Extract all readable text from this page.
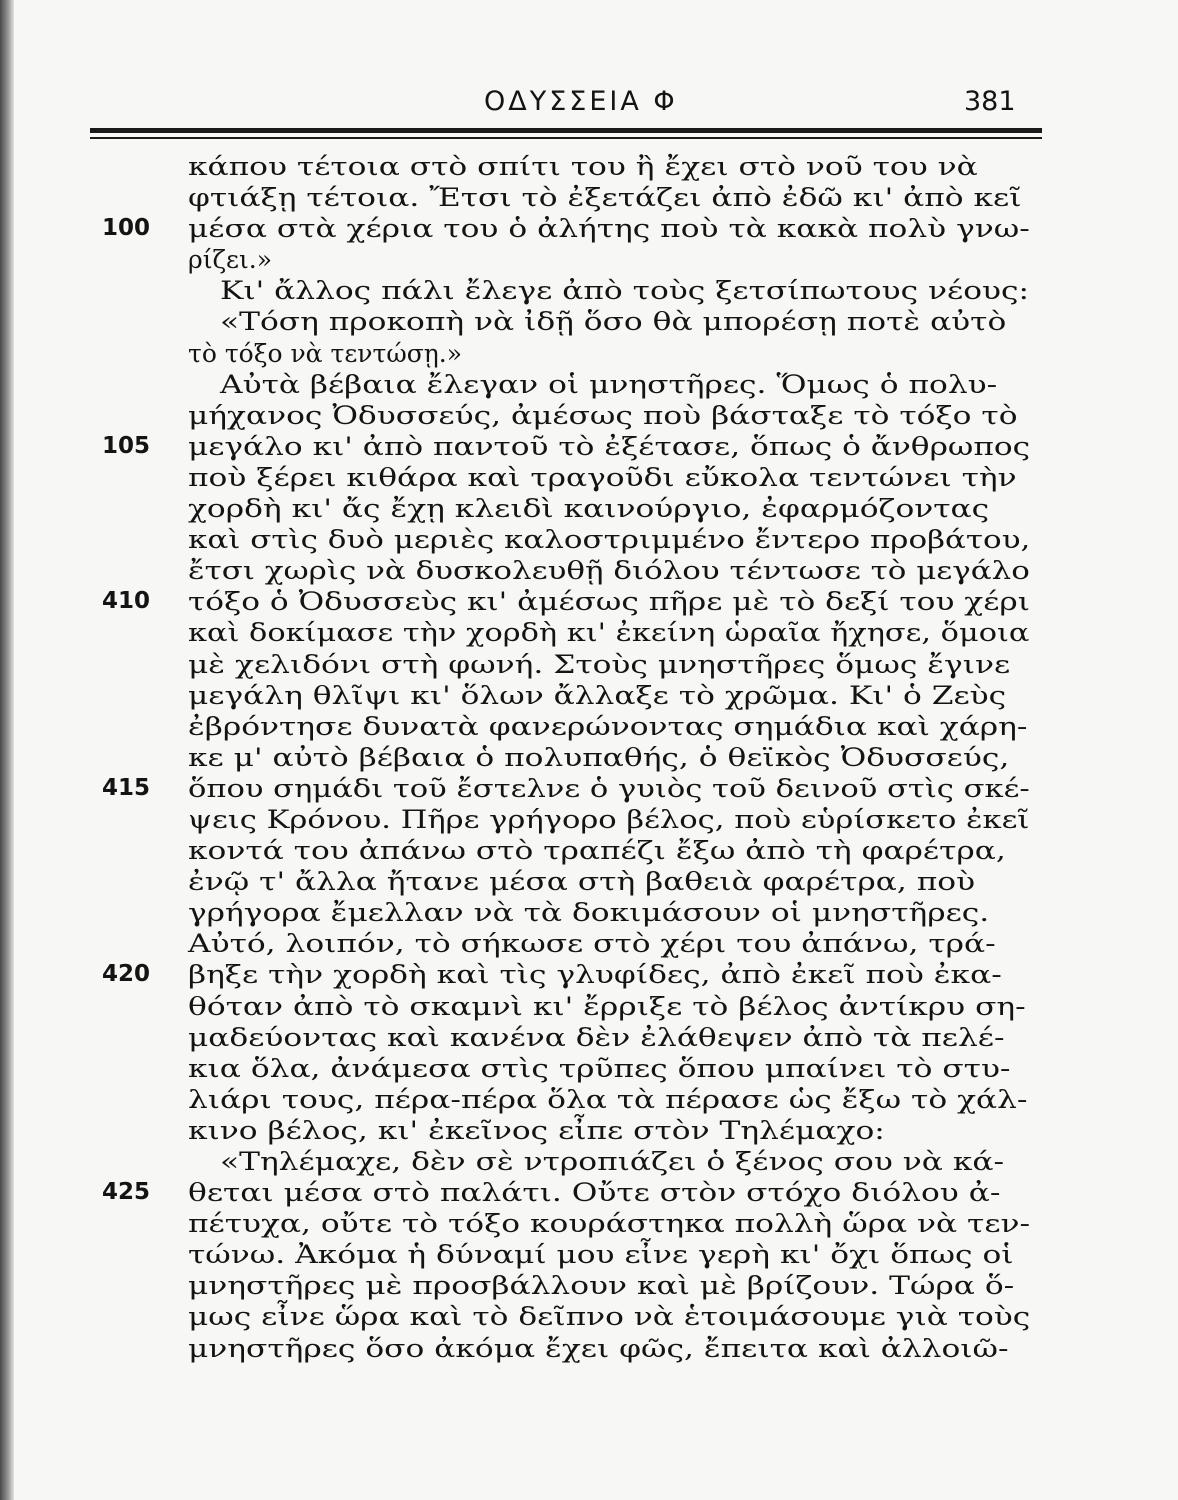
ΟΔΥΣΣΕΙΑ Φ	381
κάπου τέτοια στὸ σπίτι του ἢ ἔχει στὸ νοῦ του νὰ
φτιάξῃ τέτοια. Ἔτσι τὸ ἐξετάζει ἀπὸ ἐδῶ κι' ἀπὸ κεῖ
100 μέσα στὰ χέρια του ὁ ἀλήτης ποὺ τὰ κακὰ πολὺ γνω-
ρίζει.»
Κι' ἄλλος πάλι ἔλεγε ἀπὸ τοὺς ξετσίπωτους νέους:
«Τόση προκοπὴ νὰ ἰδῇ ὅσο θὰ μπορέσῃ ποτὲ αὐτὸ
τὸ τόξο νὰ τεντώσῃ.»
Αὐτὰ βέβαια ἔλεγαν οἱ μνηστῆρες. Ὅμως ὁ πολυ-
μήχανος Ὀδυσσεύς, ἀμέσως ποὺ βάσταξε τὸ τόξο τὸ
105 μεγάλο κι' ἀπὸ παντοῦ τὸ ἐξέτασε, ὅπως ὁ ἄνθρωπος
ποὺ ξέρει κιθάρα καὶ τραγοῦδι εὔκολα τεντώνει τὴν
χορδὴ κι' ἄς ἔχῃ κλειδὶ καινούργιο, ἐφαρμόζοντας
καὶ στὶς δυὸ μεριὲς καλοστριμμένο ἔντερο προβάτου,
ἔτσι χωρὶς νὰ δυσκολευθῇ διόλου τέντωσε τὸ μεγάλο
410 τόξο ὁ Ὀδυσσεὺς κι' ἀμέσως πῆρε μὲ τὸ δεξί του χέρι
καὶ δοκίμασε τὴν χορδὴ κι' ἐκείνη ὡραῖα ἤχησε, ὅμοια
μὲ χελιδόνι στὴ φωνή. Στοὺς μνηστῆρες ὅμως ἔγινε
μεγάλη θλῖψι κι' ὅλων ἄλλαξε τὸ χρῶμα. Κι' ὁ Ζεὺς
ἐβρόντησε δυνατὰ φανερώνοντας σημάδια καὶ χάρη-
κε μ' αὐτὸ βέβαια ὁ πολυπαθής, ὁ θεϊκὸς Ὀδυσσεύς,
415 ὅπου σημάδι τοῦ ἔστελνε ὁ γυιὸς τοῦ δεινοῦ στὶς σκέ-
ψεις Κρόνου. Πῆρε γρήγορο βέλος, ποὺ εὑρίσκετο ἐκεῖ
κοντά του ἀπάνω στὸ τραπέζι ἔξω ἀπὸ τὴ φαρέτρα,
ἐνῷ τ' ἄλλα ἤτανε μέσα στὴ βαθειὰ φαρέτρα, ποὺ
γρήγορα ἔμελλαν νὰ τὰ δοκιμάσουν οἱ μνηστῆρες.
Αὐτό, λοιπόν, τὸ σήκωσε στὸ χέρι του ἀπάνω, τρά-
420 βηξε τὴν χορδὴ καὶ τὶς γλυφίδες, ἀπὸ ἐκεῖ ποὺ ἐκα-
θόταν ἀπὸ τὸ σκαμνὶ κι' ἔρριξε τὸ βέλος ἀντίκρυ ση-
μαδεύοντας καὶ κανένα δὲν ἐλάθεψεν ἀπὸ τὰ πελέ-
κια ὅλα, ἀνάμεσα στὶς τρῦπες ὅπου μπαίνει τὸ στυ-
λιάρι τους, πέρα-πέρα ὅλα τὰ πέρασε ὡς ἔξω τὸ χάλ-
κινο βέλος, κι' ἐκεῖνος εἶπε στὸν Τηλέμαχο:
«Τηλέμαχε, δὲν σὲ ντροπιάζει ὁ ξένος σου νὰ κά-
425 θεται μέσα στὸ παλάτι. Οὔτε στὸν στόχο διόλου ἀ-
πέτυχα, οὔτε τὸ τόξο κουράστηκα πολλὴ ὥρα νὰ τεν-
τώνω. Ἀκόμα ἡ δύναμί μου εἶνε γερὴ κι' ὄχι ὅπως οἱ
μνηστῆρες μὲ προσβάλλουν καὶ μὲ βρίζουν. Τώρα ὅ-
μως εἶνε ὥρα καὶ τὸ δεῖπνο νὰ ἑτοιμάσουμε γιὰ τοὺς
μνηστῆρες ὅσο ἀκόμα ἔχει φῶς, ἔπειτα καὶ ἀλλοιῶ-
